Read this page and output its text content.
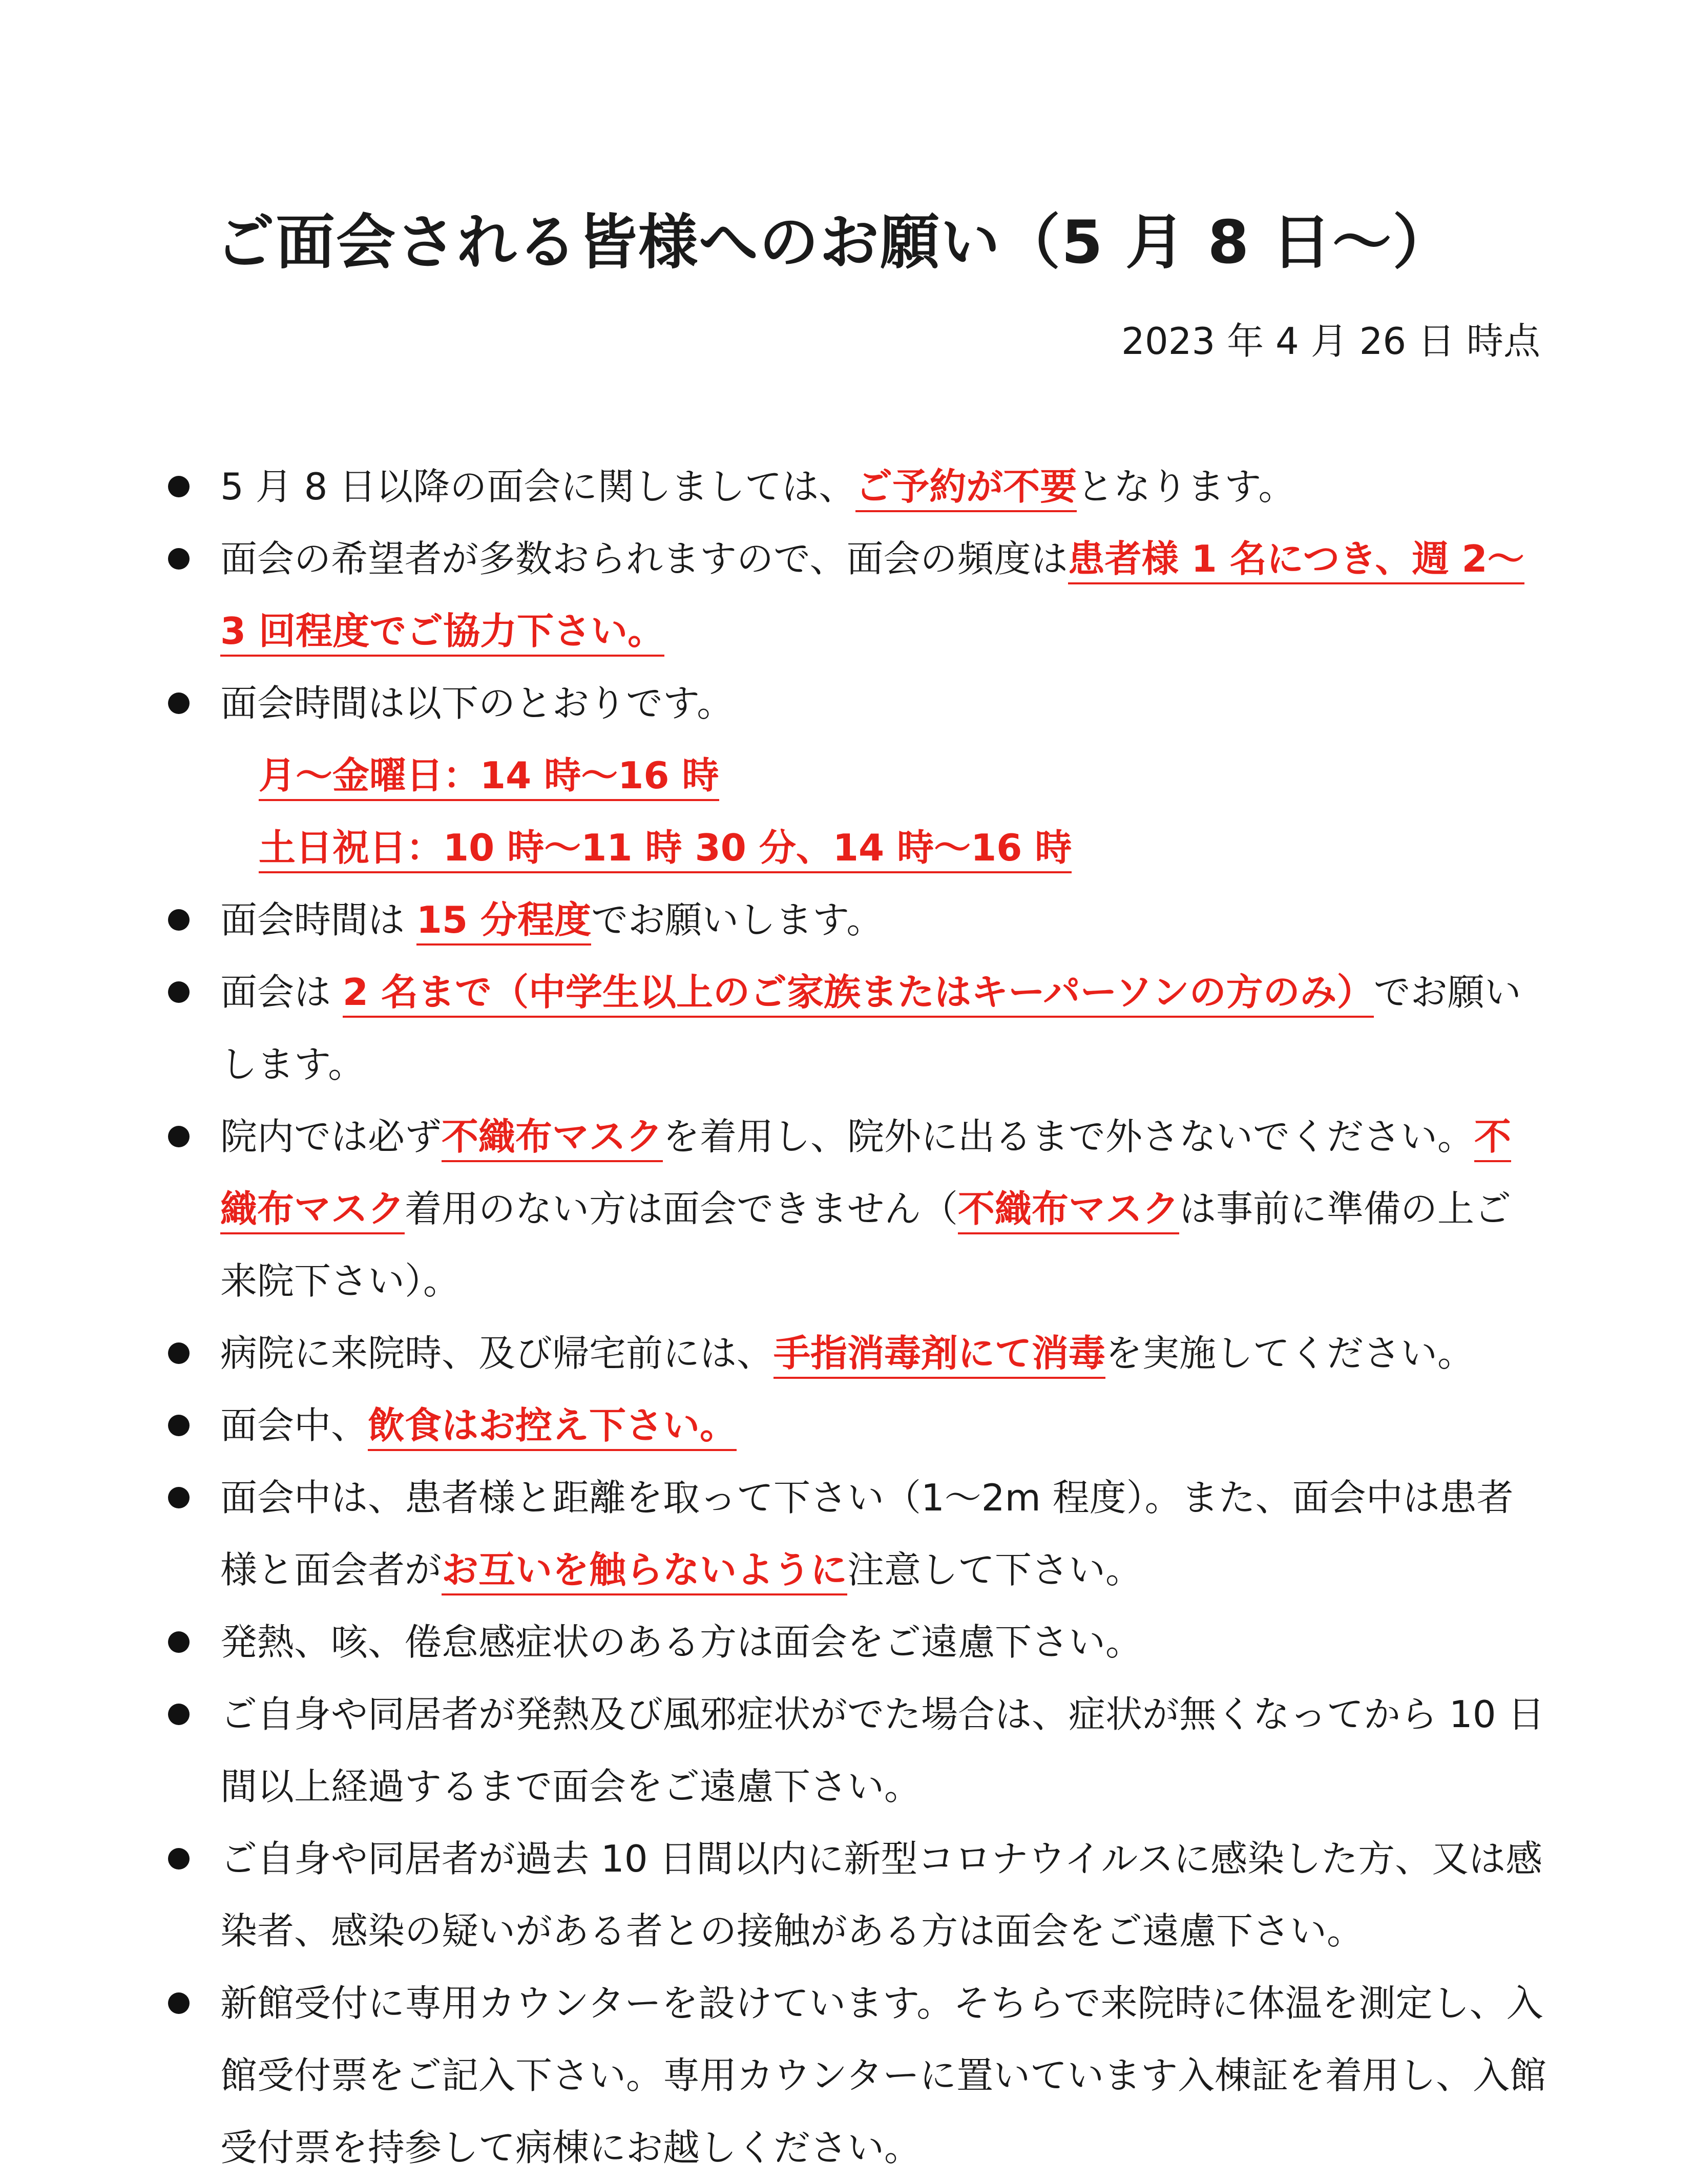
ご面会される皆様へのお願い（5 月 8 日～）
2023 年 4 月 26 日 時点
5 月 8 日以降の面会に関しましては、ご予約が不要となります。
面会の希望者が多数おられますので、面会の頻度は患者様 1 名につき、週 2～3 回程度でご協力下さい。
面会時間は以下のとおりです。
月～金曜日：14 時～16 時
土日祝日：10 時～11 時 30 分、14 時～16 時
面会時間は 15 分程度でお願いします。
面会は 2 名まで（中学生以上のご家族またはキーパーソンの方のみ）でお願いします。
院内では必ず不織布マスクを着用し、院外に出るまで外さないでください。不織布マスク着用のない方は面会できません（不織布マスクは事前に準備の上ご来院下さい）。
病院に来院時、及び帰宅前には、手指消毒剤にて消毒を実施してください。
面会中、飲食はお控え下さい。
面会中は、患者様と距離を取って下さい（1～2m 程度）。また、面会中は患者様と面会者がお互いを触らないように注意して下さい。
発熱、咳、倦怠感症状のある方は面会をご遠慮下さい。
ご自身や同居者が発熱及び風邪症状がでた場合は、症状が無くなってから 10 日間以上経過するまで面会をご遠慮下さい。
ご自身や同居者が過去 10 日間以内に新型コロナウイルスに感染した方、又は感染者、感染の疑いがある者との接触がある方は面会をご遠慮下さい。
新館受付に専用カウンターを設けています。そちらで来院時に体温を測定し、入館受付票をご記入下さい。専用カウンターに置いています入棟証を着用し、入館受付票を持参して病棟にお越しください。
